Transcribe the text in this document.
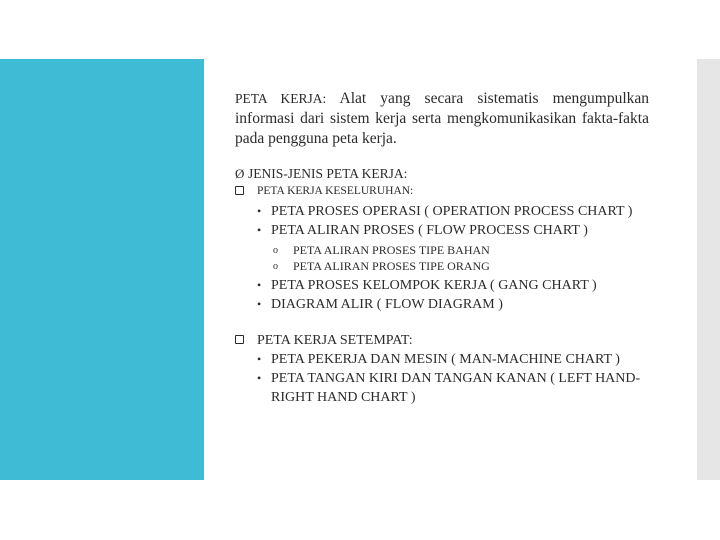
PETA KERJA: Alat yang secara sistematis mengumpulkan informasi dari sistem kerja serta mengkomunikasikan fakta-fakta pada pengguna peta kerja.

Ø JENIS-JENIS PETA KERJA:
PETA KERJA KESELURUHAN:
• PETA PROSES OPERASI ( OPERATION PROCESS CHART )
• PETA ALIRAN PROSES ( FLOW PROCESS CHART )
o	PETA ALIRAN PROSES TIPE BAHAN
o	PETA ALIRAN PROSES TIPE ORANG
• PETA PROSES KELOMPOK KERJA ( GANG CHART )
• DIAGRAM ALIR ( FLOW DIAGRAM )
PETA KERJA SETEMPAT:
• PETA PEKERJA DAN MESIN ( MAN-MACHINE CHART )
• PETA TANGAN KIRI DAN TANGAN KANAN ( LEFT HAND-RIGHT HAND CHART )
